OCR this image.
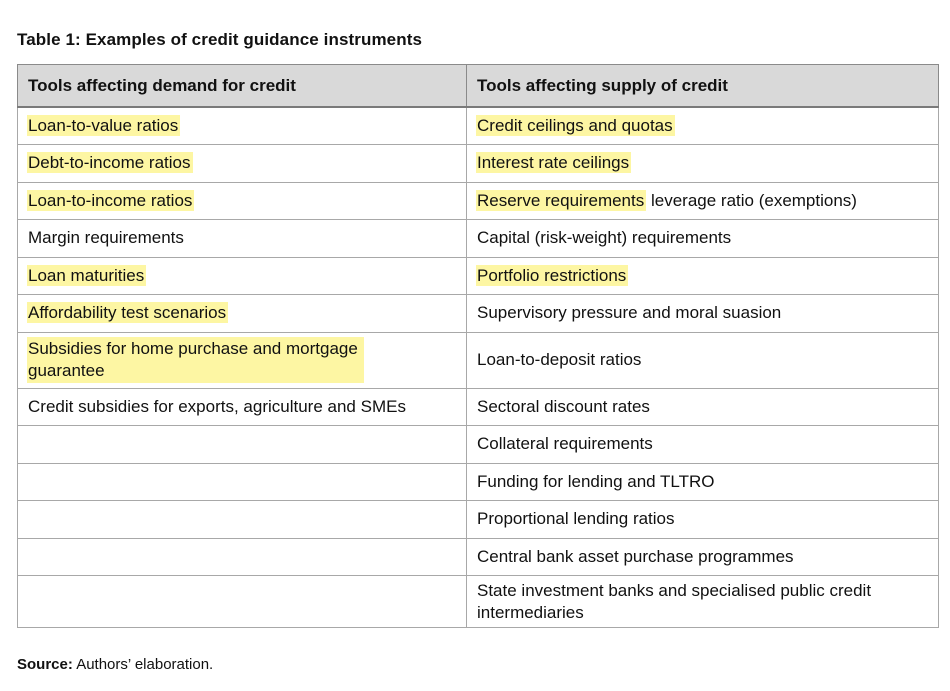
Table 1: Examples of credit guidance instruments
Tools affecting demand for credit	Tools affecting supply of credit
Loan-to-value ratios	Credit ceilings and quotas
Debt-to-income ratios	Interest rate ceilings
Loan-to-income ratios	Reserve requirements leverage ratio (exemptions)
Margin requirements	Capital (risk-weight) requirements
Loan maturities	Portfolio restrictions
Affordability test scenarios	Supervisory pressure and moral suasion
Subsidies for home purchase and mortgage
guarantee	Loan-to-deposit ratios
Credit subsidies for exports, agriculture and SMEs	Sectoral discount rates
	Collateral requirements
	Funding for lending and TLTRO
	Proportional lending ratios
	Central bank asset purchase programmes
	State investment banks and specialised public credit
intermediaries
Source: Authors’ elaboration.
